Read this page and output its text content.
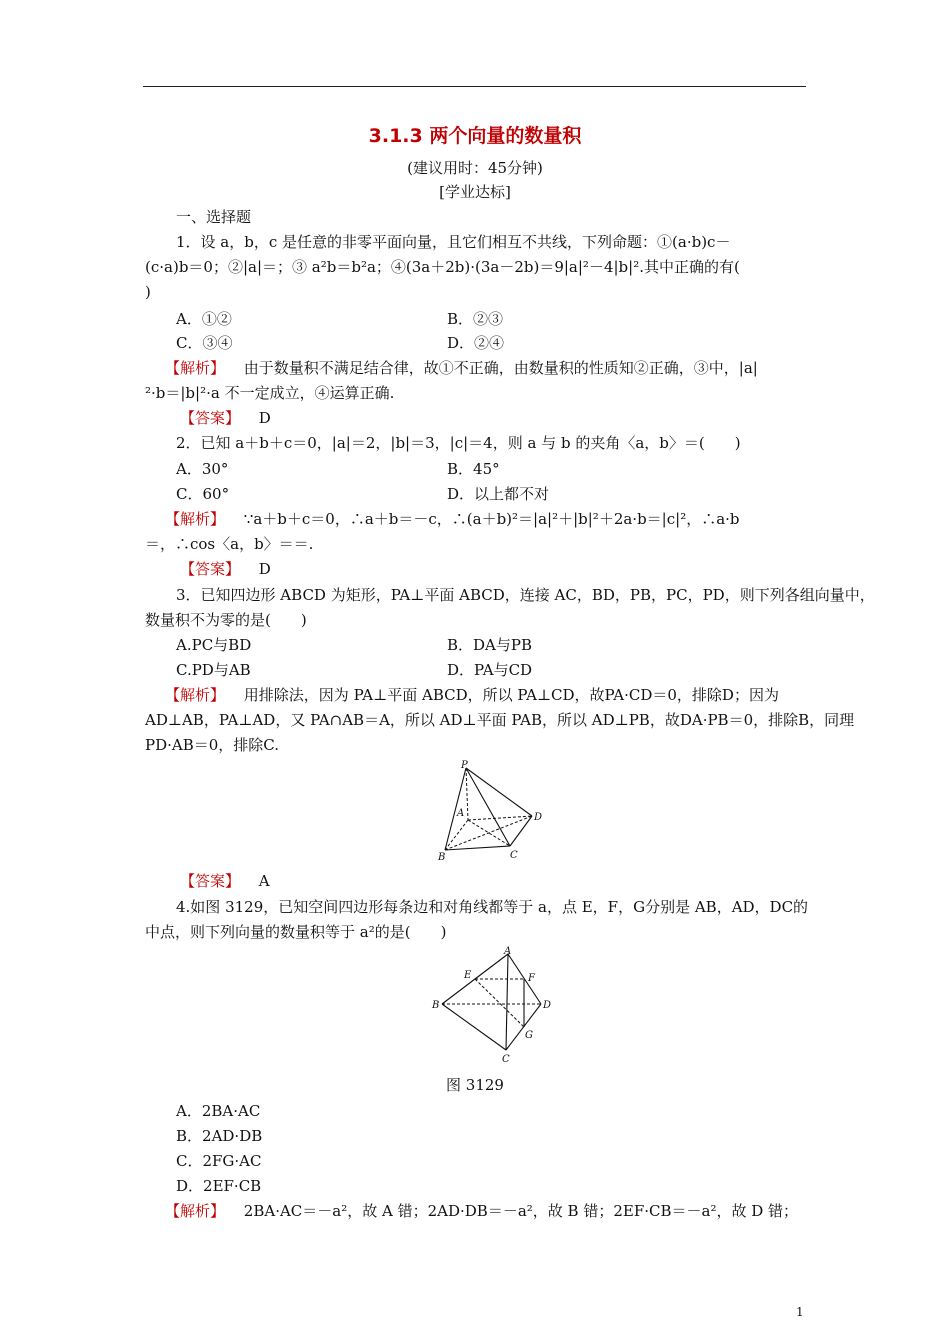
3.1.3 两个向量的数量积
(建议用时：45分钟)
[学业达标]
一、选择题
1．设 a，b，c 是任意的非零平面向量，且它们相互不共线，下列命题：①(a·b)c－
(c·a)b＝0；②|a|＝；③ a²b＝b²a；④(3a＋2b)·(3a－2b)＝9|a|²－4|b|².其中正确的有(
)
A．①②	B．②③
C．③④	D．②④
【解析】 由于数量积不满足结合律，故①不正确，由数量积的性质知②正确，③中，|a|
²·b＝|b|²·a 不一定成立，④运算正确.
【答案】 D
2．已知 a＋b＋c＝0，|a|＝2，|b|＝3，|c|＝4，则 a 与 b 的夹角〈a，b〉＝(　　)
A．30°	B．45°
C．60°	D．以上都不对
【解析】 ∵a＋b＋c＝0，∴a＋b＝－c，∴(a＋b)²＝|a|²＋|b|²＋2a·b＝|c|²，∴a·b
＝，∴cos〈a，b〉＝＝.
【答案】 D
3．已知四边形 ABCD 为矩形，PA⊥平面 ABCD，连接 AC，BD，PB，PC，PD，则下列各组向量中，
数量积不为零的是(　　)
A.PC与BD	B．DA与PB
C.PD与AB	D．PA与CD
【解析】 用排除法，因为 PA⊥平面 ABCD，所以 PA⊥CD，故PA·CD＝0，排除D；因为
AD⊥AB，PA⊥AD，又 PA∩AB＝A，所以 AD⊥平面 PAB，所以 AD⊥PB，故DA·PB＝0，排除B，同理
PD·AB＝0，排除C.
P
A	D
B	C
【答案】 A
4.如图 3129，已知空间四边形每条边和对角线都等于 a，点 E，F，G分别是 AB，AD，DC的
中点，则下列向量的数量积等于 a²的是(　　)
A
E	F
B	D
G
C
图 3129
A．2BA·AC
B．2AD·DB
C．2FG·AC
D．2EF·CB
【解析】 2BA·AC＝－a²，故 A 错；2AD·DB＝－a²，故 B 错；2EF·CB＝－a²，故 D 错；
1
